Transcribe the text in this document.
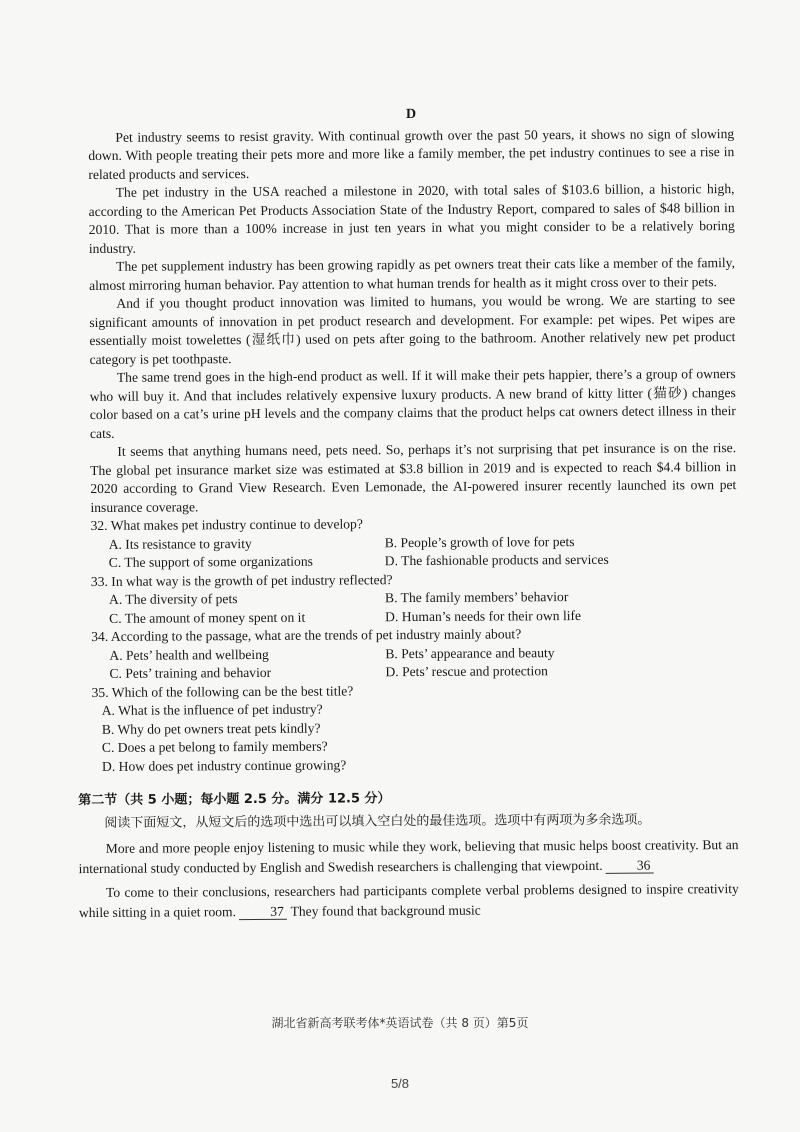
D

Pet industry seems to resist gravity. With continual growth over the past 50 years, it shows no sign of slowing down. With people treating their pets more and more like a family member, the pet industry continues to see a rise in related products and services.

The pet industry in the USA reached a milestone in 2020, with total sales of $103.6 billion, a historic high, according to the American Pet Products Association State of the Industry Report, compared to sales of $48 billion in 2010. That is more than a 100% increase in just ten years in what you might consider to be a relatively boring industry.

The pet supplement industry has been growing rapidly as pet owners treat their cats like a member of the family, almost mirroring human behavior. Pay attention to what human trends for health as it might cross over to their pets.

And if you thought product innovation was limited to humans, you would be wrong. We are starting to see significant amounts of innovation in pet product research and development. For example: pet wipes. Pet wipes are essentially moist towelettes (湿纸巾) used on pets after going to the bathroom. Another relatively new pet product category is pet toothpaste.

The same trend goes in the high-end product as well. If it will make their pets happier, there’s a group of owners who will buy it. And that includes relatively expensive luxury products. A new brand of kitty litter (猫砂) changes color based on a cat’s urine pH levels and the company claims that the product helps cat owners detect illness in their cats.

It seems that anything humans need, pets need. So, perhaps it’s not surprising that pet insurance is on the rise. The global pet insurance market size was estimated at $3.8 billion in 2019 and is expected to reach $4.4 billion in 2020 according to Grand View Research. Even Lemonade, the AI-powered insurer recently launched its own pet insurance coverage.

32. What makes pet industry continue to develop?

A. Its resistance to gravity	B. People’s growth of love for pets
C. The support of some organizations	D. The fashionable products and services

33. In what way is the growth of pet industry reflected?

A. The diversity of pets	B. The family members’ behavior
C. The amount of money spent on it	D. Human’s needs for their own life

34. According to the passage, what are the trends of pet industry mainly about?

A. Pets’ health and wellbeing	B. Pets’ appearance and beauty
C. Pets’ training and behavior	D. Pets’ rescue and protection

35. Which of the following can be the best title?

A. What is the influence of pet industry?
B. Why do pet owners treat pets kindly?
C. Does a pet belong to family members?
D. How does pet industry continue growing?

第二节（共 5 小题；每小题 2.5 分。满分 12.5 分）

阅读下面短文，从短文后的选项中选出可以填入空白处的最佳选项。选项中有两项为多余选项。

More and more people enjoy listening to music while they work, believing that music helps boost creativity. But an international study conducted by English and Swedish researchers is challenging that viewpoint.	36

To come to their conclusions, researchers had participants complete verbal problems designed to inspire creativity while sitting in a quiet room.	37 They found that background music

湖北省新高考联考体*英语试卷（共 8 页）第5页
5/8
